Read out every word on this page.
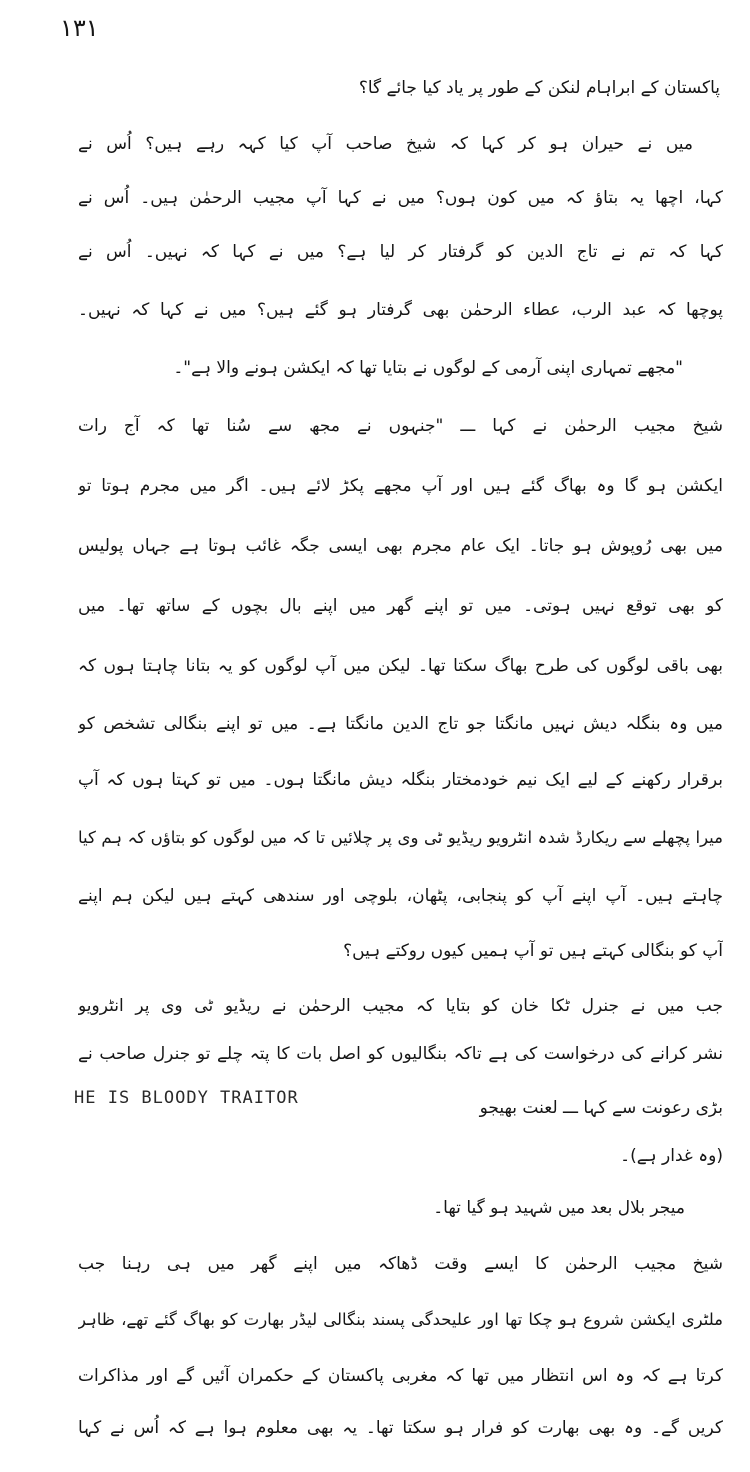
۱۳۱
پاکستان کے ابراہام لنکن کے طور پر یاد کیا جائے گا؟
میں نے حیران ہو کر کہا کہ شیخ صاحب آپ کیا کہہ رہے ہیں؟ اُس نے
کہا، اچھا یہ بتاؤ کہ میں کون ہوں؟ میں نے کہا آپ مجیب الرحمٰن ہیں۔ اُس نے
کہا کہ تم نے تاج الدین کو گرفتار کر لیا ہے؟ میں نے کہا کہ نہیں۔ اُس نے
پوچھا کہ عبد الرب، عطاء الرحمٰن بھی گرفتار ہو گئے ہیں؟ میں نے کہا کہ نہیں۔
"مجھے تمہاری اپنی آرمی کے لوگوں نے بتایا تھا کہ ایکشن ہونے والا ہے"۔
شیخ مجیب الرحمٰن نے کہا ـــ "جنہوں نے مجھ سے سُنا تھا کہ آج رات
ایکشن ہو گا وہ بھاگ گئے ہیں اور آپ مجھے پکڑ لائے ہیں۔ اگر میں مجرم ہوتا تو
میں بھی رُوپوش ہو جاتا۔ ایک عام مجرم بھی ایسی جگہ غائب ہوتا ہے جہاں پولیس
کو بھی توقع نہیں ہوتی۔ میں تو اپنے گھر میں اپنے بال بچوں کے ساتھ تھا۔ میں
بھی باقی لوگوں کی طرح بھاگ سکتا تھا۔ لیکن میں آپ لوگوں کو یہ بتانا چاہتا ہوں کہ
میں وہ بنگلہ دیش نہیں مانگتا جو تاج الدین مانگتا ہے۔ میں تو اپنے بنگالی تشخص کو
برقرار رکھنے کے لیے ایک نیم خودمختار بنگلہ دیش مانگتا ہوں۔ میں تو کہتا ہوں کہ آپ
میرا پچھلے سے ریکارڈ شدہ انٹرویو ریڈیو ٹی وی پر چلائیں تا کہ میں لوگوں کو بتاؤں کہ ہم کیا
چاہتے ہیں۔ آپ اپنے آپ کو پنجابی، پٹھان، بلوچی اور سندھی کہتے ہیں لیکن ہم اپنے
آپ کو بنگالی کہتے ہیں تو آپ ہمیں کیوں روکتے ہیں؟
جب میں نے جنرل ٹکا خان کو بتایا کہ مجیب الرحمٰن نے ریڈیو ٹی وی پر انٹرویو
نشر کرانے کی درخواست کی ہے تاکہ بنگالیوں کو اصل بات کا پتہ چلے تو جنرل صاحب نے
بڑی رعونت سے کہا ـــ لعنت بھیجو
HE IS BLOODY TRAITOR
(وہ غدار ہے)۔
میجر بلال بعد میں شہید ہو گیا تھا۔
شیخ مجیب الرحمٰن کا ایسے وقت ڈھاکہ میں اپنے گھر میں ہی رہنا جب
ملٹری ایکشن شروع ہو چکا تھا اور علیحدگی پسند بنگالی لیڈر بھارت کو بھاگ گئے تھے، ظاہر
کرتا ہے کہ وہ اس انتظار میں تھا کہ مغربی پاکستان کے حکمران آئیں گے اور مذاکرات
کریں گے۔ وہ بھی بھارت کو فرار ہو سکتا تھا۔ یہ بھی معلوم ہوا ہے کہ اُس نے کہا
